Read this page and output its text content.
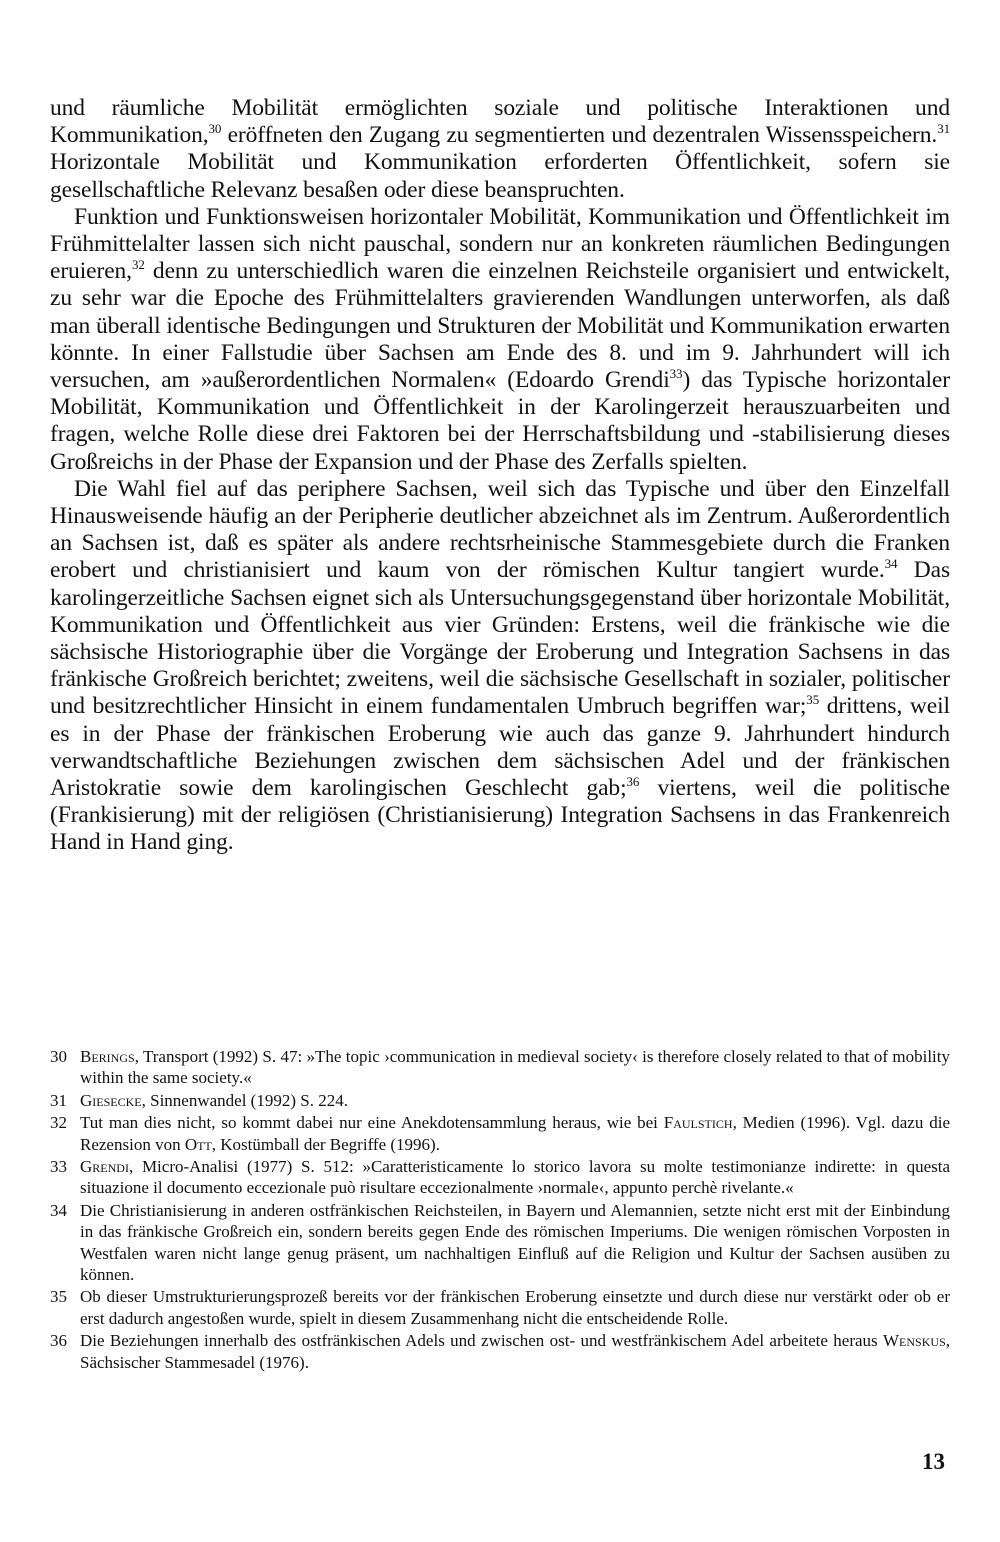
und räumliche Mobilität ermöglichten soziale und politische Interaktionen und Kommunikation,$^{30}$ eröffneten den Zugang zu segmentierten und dezentralen Wissensspeichern.$^{31}$ Horizontale Mobilität und Kommunikation erforderten Öffentlichkeit, sofern sie gesellschaftliche Relevanz besaßen oder diese beanspruchten.

Funktion und Funktionsweisen horizontaler Mobilität, Kommunikation und Öffentlichkeit im Frühmittelalter lassen sich nicht pauschal, sondern nur an konkreten räumlichen Bedingungen eruieren,$^{32}$ denn zu unterschiedlich waren die einzelnen Reichsteile organisiert und entwickelt, zu sehr war die Epoche des Frühmittelalters gravierenden Wandlungen unterworfen, als daß man überall identische Bedingungen und Strukturen der Mobilität und Kommunikation erwarten könnte. In einer Fallstudie über Sachsen am Ende des 8. und im 9. Jahrhundert will ich versuchen, am »außerordentlichen Normalen« (Edoardo Grendi$^{33}$) das Typische horizontaler Mobilität, Kommunikation und Öffentlichkeit in der Karolingerzeit herauszuarbeiten und fragen, welche Rolle diese drei Faktoren bei der Herrschaftsbildung und -stabilisierung dieses Großreichs in der Phase der Expansion und der Phase des Zerfalls spielten.

Die Wahl fiel auf das periphere Sachsen, weil sich das Typische und über den Einzelfall Hinausweisende häufig an der Peripherie deutlicher abzeichnet als im Zentrum. Außerordentlich an Sachsen ist, daß es später als andere rechtsrheinische Stammesgebiete durch die Franken erobert und christianisiert und kaum von der römischen Kultur tangiert wurde.$^{34}$ Das karolingerzeitliche Sachsen eignet sich als Untersuchungsgegenstand über horizontale Mobilität, Kommunikation und Öffentlichkeit aus vier Gründen: Erstens, weil die fränkische wie die sächsische Historiographie über die Vorgänge der Eroberung und Integration Sachsens in das fränkische Großreich berichtet; zweitens, weil die sächsische Gesellschaft in sozialer, politischer und besitzrechtlicher Hinsicht in einem fundamentalen Umbruch begriffen war;$^{35}$ drittens, weil es in der Phase der fränkischen Eroberung wie auch das ganze 9. Jahrhundert hindurch verwandtschaftliche Beziehungen zwischen dem sächsischen Adel und der fränkischen Aristokratie sowie dem karolingischen Geschlecht gab;$^{36}$ viertens, weil die politische (Frankisierung) mit der religiösen (Christianisierung) Integration Sachsens in das Frankenreich Hand in Hand ging.

30 Berings, Transport (1992) S. 47: »The topic ›communication in medieval society‹ is therefore closely related to that of mobility within the same society.«
31 Giesecke, Sinnenwandel (1992) S. 224.
32 Tut man dies nicht, so kommt dabei nur eine Anekdotensammlung heraus, wie bei Faulstich, Medien (1996). Vgl. dazu die Rezension von Ott, Kostümball der Begriffe (1996).
33 Grendi, Micro-Analisi (1977) S. 512: »Caratteristicamente lo storico lavora su molte testimonianze indirette: in questa situazione il documento eccezionale può risultare eccezionalmente ›normale‹, appunto perchè rivelante.«
34 Die Christianisierung in anderen ostfränkischen Reichsteilen, in Bayern und Alemannien, setzte nicht erst mit der Einbindung in das fränkische Großreich ein, sondern bereits gegen Ende des römischen Imperiums. Die wenigen römischen Vorposten in Westfalen waren nicht lange genug präsent, um nachhaltigen Einfluß auf die Religion und Kultur der Sachsen ausüben zu können.
35 Ob dieser Umstrukturierungsprozeß bereits vor der fränkischen Eroberung einsetzte und durch diese nur verstärkt oder ob er erst dadurch angestoßen wurde, spielt in diesem Zusammenhang nicht die entscheidende Rolle.
36 Die Beziehungen innerhalb des ostfränkischen Adels und zwischen ost- und westfränkischem Adel arbeitete heraus Wenskus, Sächsischer Stammesadel (1976).
13
